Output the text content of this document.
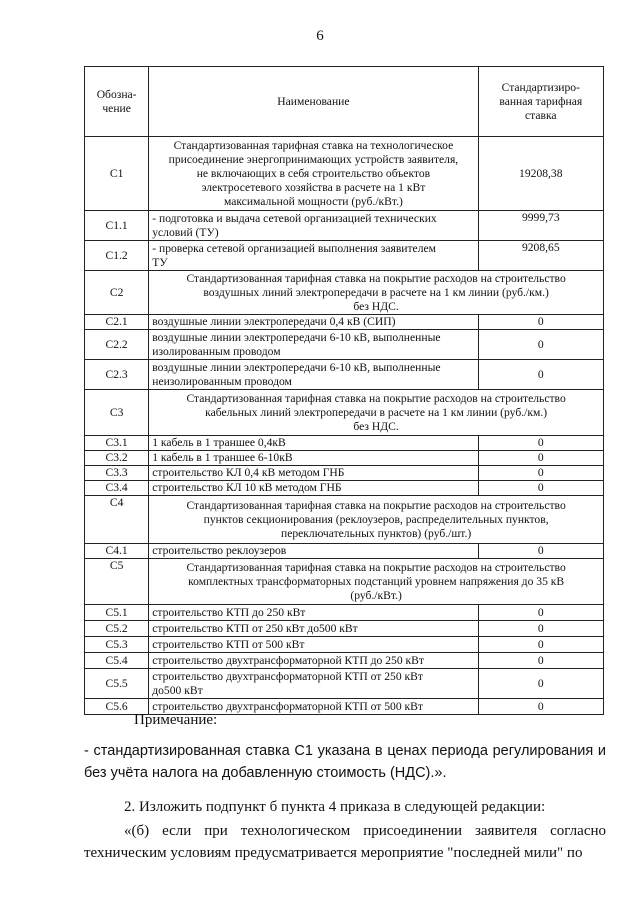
6
Обозна-
чение	Наименование	Стандартизиро-
ванная тарифная
ставка
С1	Стандартизованная тарифная ставка на технологическое
присоединение энергопринимающих устройств заявителя,
не включающих в себя строительство объектов
электросетевого хозяйства в расчете на 1 кВт
максимальной мощности (руб./кВт.)	19208,38
С1.1	- подготовка и выдача сетевой организацией технических
условий (ТУ)	9999,73
С1.2	- проверка сетевой организацией выполнения заявителем
ТУ	9208,65
С2	Стандартизованная тарифная ставка на покрытие расходов на строительство
воздушных линий электропередачи в расчете на 1 км линии (руб./км.)
без НДС.	
С2.1	воздушные линии электропередачи 0,4 кВ (СИП)	0
С2.2	воздушные линии электропередачи 6-10 кВ, выполненные
изолированным проводом	0
С2.3	воздушные линии электропередачи 6-10 кВ, выполненные
неизолированным проводом	0
С3	Стандартизованная тарифная ставка на покрытие расходов на строительство
кабельных линий электропередачи в расчете на 1 км линии (руб./км.)
без НДС.	
С3.1	1 кабель в 1 траншее 0,4кВ	0
С3.2	1 кабель в 1 траншее 6-10кВ	0
С3.3	строительство КЛ 0,4 кВ методом ГНБ	0
С3.4	строительство КЛ 10 кВ методом ГНБ	0
С4	Стандартизованная тарифная ставка на покрытие расходов на строительство
пунктов секционирования (реклоузеров, распределительных пунктов,
переключательных пунктов) (руб./шт.)	
С4.1	строительство реклоузеров	0
С5	Стандартизованная тарифная ставка на покрытие расходов на строительство
комплектных трансформаторных подстанций уровнем напряжения до 35 кВ
(руб./кВт.)	
С5.1	строительство КТП до 250 кВт	0
С5.2	строительство КТП от 250 кВт до500 кВт	0
С5.3	строительство КТП от 500 кВт	0
С5.4	строительство двухтрансформаторной КТП до 250 кВт	0
С5.5	строительство двухтрансформаторной КТП от 250 кВт
до500 кВт	0
С5.6	строительство двухтрансформаторной КТП от 500 кВт	0
Примечание:
- стандартизированная ставка С1 указана в ценах периода регулирования и без учёта налога на добавленную стоимость (НДС).».
2. Изложить подпункт б пункта 4 приказа в следующей редакции:
«(б) если при технологическом присоединении заявителя согласно техническим условиям предусматривается мероприятие "последней мили" по
